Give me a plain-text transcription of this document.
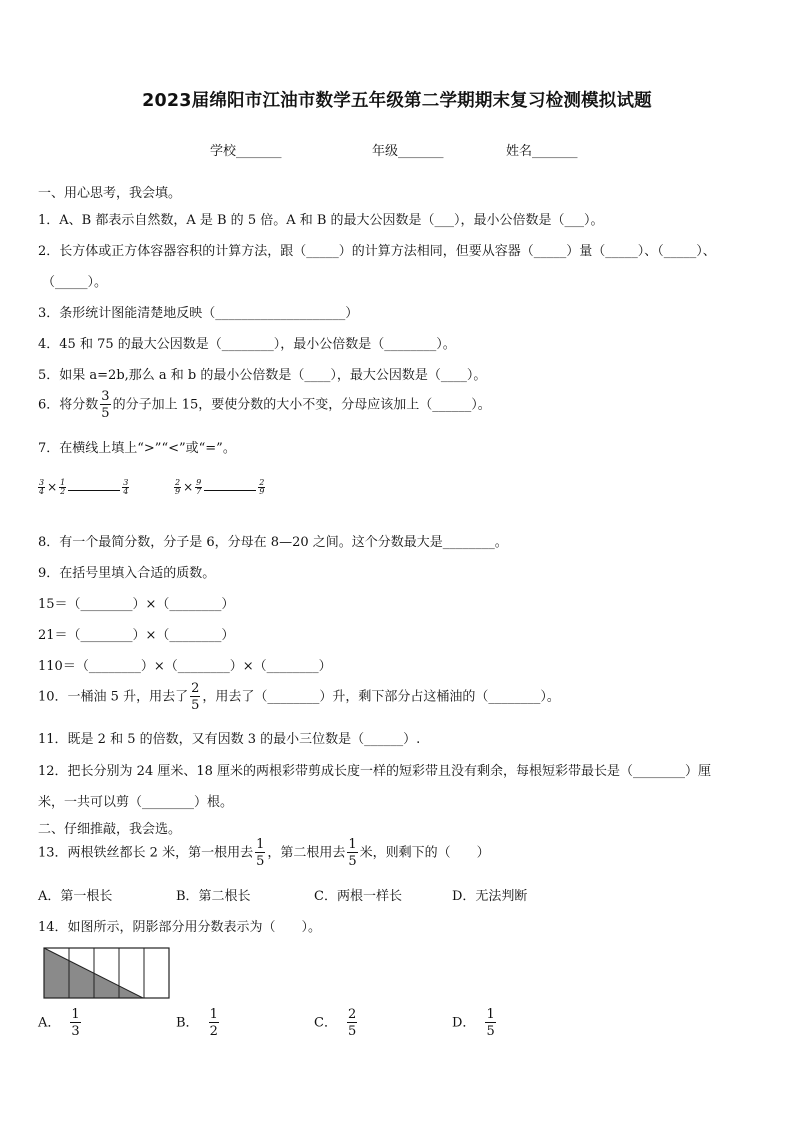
2023届绵阳市江油市数学五年级第二学期期末复习检测模拟试题
学校_______	年级_______	姓名_______
一、用心思考，我会填。
1．A、B 都表示自然数，A 是 B 的 5 倍。A 和 B 的最大公因数是（___），最小公倍数是（___）。
2．长方体或正方体容器容积的计算方法，跟（_____）的计算方法相同，但要从容器（_____）量（_____）、（_____）、
（_____）。
3．条形统计图能清楚地反映（____________________）
4．45 和 75 的最大公因数是（________），最小公倍数是（________）。
5．如果 a=2b,那么 a 和 b 的最小公倍数是（____），最大公因数是（____）。
6．将分数 $\frac{3}{5}$ 的分子加上 15，要使分数的大小不变，分母应该加上（______）。
7．在横线上填上“>”“<”或“=”。
$\frac{3}{4} \times \frac{1}{2}$	$\frac{3}{4}$	$\frac{2}{9} \times \frac{9}{7}$	$\frac{2}{9}$
8．有一个最简分数，分子是 6，分母在 8—20 之间。这个分数最大是________。
9．在括号里填入合适的质数。
15＝（________）×（________）
21＝（________）×（________）
110＝（________）×（________）×（________）
10．一桶油 5 升，用去了 $\frac{2}{5}$ ，用去了（________）升，剩下部分占这桶油的（________）。
11．既是 2 和 5 的倍数，又有因数 3 的最小三位数是（______）.
12．把长分别为 24 厘米、18 厘米的两根彩带剪成长度一样的短彩带且没有剩余，每根短彩带最长是（________）厘
米，一共可以剪（________）根。
二、仔细推敲，我会选。
13．两根铁丝都长 2 米，第一根用去 $\frac{1}{5}$ ，第二根用去 $\frac{1}{5}$ 米，则剩下的（　　）
A．第一根长	B．第二根长	C．两根一样长	D．无法判断
14．如图所示，阴影部分用分数表示为（　　）。
A． $\frac{1}{3}$	B． $\frac{1}{2}$	C． $\frac{2}{5}$	D． $\frac{1}{5}$
